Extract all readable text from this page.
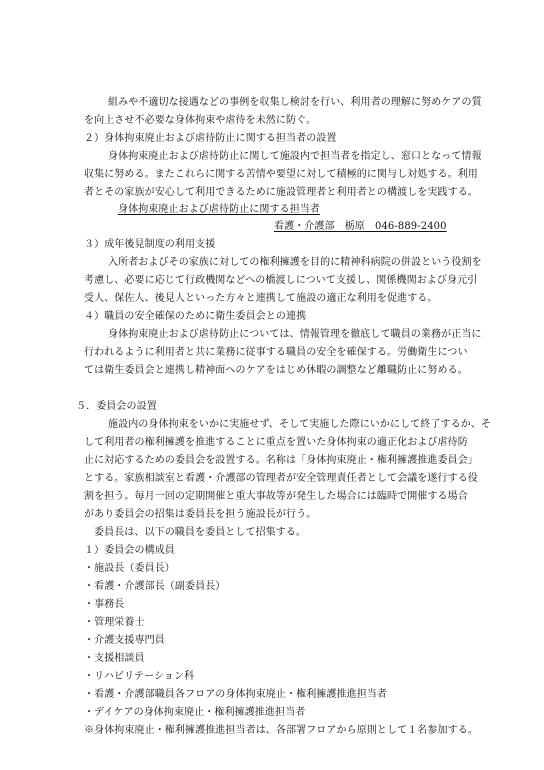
組みや不適切な接遇などの事例を収集し検討を行い、利用者の理解に努めケアの質
を向上させ不必要な身体拘束や虐待を未然に防ぐ。
２）身体拘束廃止および虐待防止に関する担当者の設置
身体拘束廃止および虐待防止に関して施設内で担当者を指定し、窓口となって情報
収集に努める。またこれらに関する苦情や要望に対して積極的に関与し対処する。利用
者とその家族が安心して利用できるために施設管理者と利用者との構渡しを実践する。
身体拘束廃止および虐待防止に関する担当者
看護・介護部　栃原　046-889-2400
３）成年後見制度の利用支援
入所者およびその家族に対しての権利擁護を目的に精神科病院の併設という役割を
考慮し、必要に応じて行政機関などへの橋渡しについて支援し、関係機関および身元引
受人、保佐人、後見人といった方々と連携して施設の適正な利用を促進する。
４）職員の安全確保のために衛生委員会との連携
身体拘束廃止および虐待防止については、情報管理を徹底して職員の業務が正当に
行われるように利用者と共に業務に従事する職員の安全を確保する。労働衛生につい
ては衛生委員会と連携し精神面へのケアをはじめ休暇の調整など離職防止に努める。
５．委員会の設置
施設内の身体拘束をいかに実施せず、そして実施した際にいかにして終了するか、そ
して利用者の権利擁護を推進することに重点を置いた身体拘束の適正化および虐待防
止に対応するための委員会を設置する。名称は「身体拘束廃止・権利擁護推進委員会」
とする。家族相談室と看護・介護部の管理者が安全管理責任者として会議を遂行する役
割を担う。毎月一回の定期開催と重大事故等が発生した場合には臨時で開催する場合
があり委員会の招集は委員長を担う施設長が行う。
委員長は、以下の職員を委員として招集する。
１）委員会の構成員
・施設長（委員長）
・看護・介護部長（副委員長）
・事務長
・管理栄養士
・介護支援専門員
・支援相談員
・リハビリテーション科
・看護・介護部職員各フロアの身体拘束廃止・権利擁護推進担当者
・デイケアの身体拘束廃止・権利擁護推進担当者
※身体拘束廃止・権利擁護推進担当者は、各部署フロアから原則として１名参加する。
